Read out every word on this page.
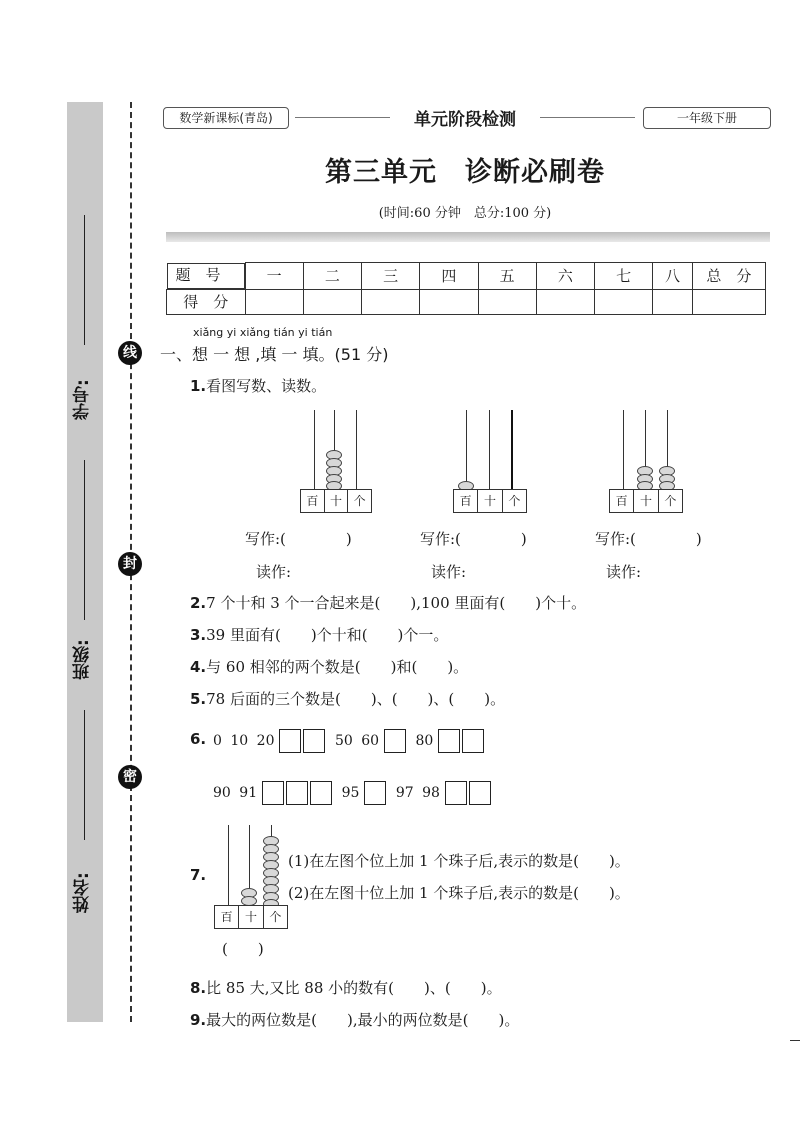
学号:
班级:
姓名:
线
封
密
数学新课标(青岛)	单元阶段检测	一年级下册
第三单元　诊断必刷卷
(时间:60 分钟　总分:100 分)
题　号	一	二	三	四	五	六	七	八	总　分
得　分									
xiǎng yi xiǎng tián yi tián
一、想 一 想 ,填 一 填。(51 分)
1.看图写数、读数。
百 十 个	百	十	个	百	十	个
写作:(　　　　)	写作:(　　　　)	写作:(　　　　)
读作:	读作:	读作:
2.7 个十和 3 个一合起来是(　　),100 里面有(　　)个十。
3.39 里面有(　　)个十和(　　)个一。
4.与 60 相邻的两个数是(　　)和(　　)。
5.78 后面的三个数是(　　)、(　　)、(　　)。
6. 0 10 20	50 60	80
90 91	95	97 98
7.
百	十	个
(1)在左图个位上加 1 个珠子后,表示的数是(　　)。
(2)在左图十位上加 1 个珠子后,表示的数是(　　)。
(　　)
8.比 85 大,又比 88 小的数有(　　)、(　　)。
9.最大的两位数是(　　),最小的两位数是(　　)。
